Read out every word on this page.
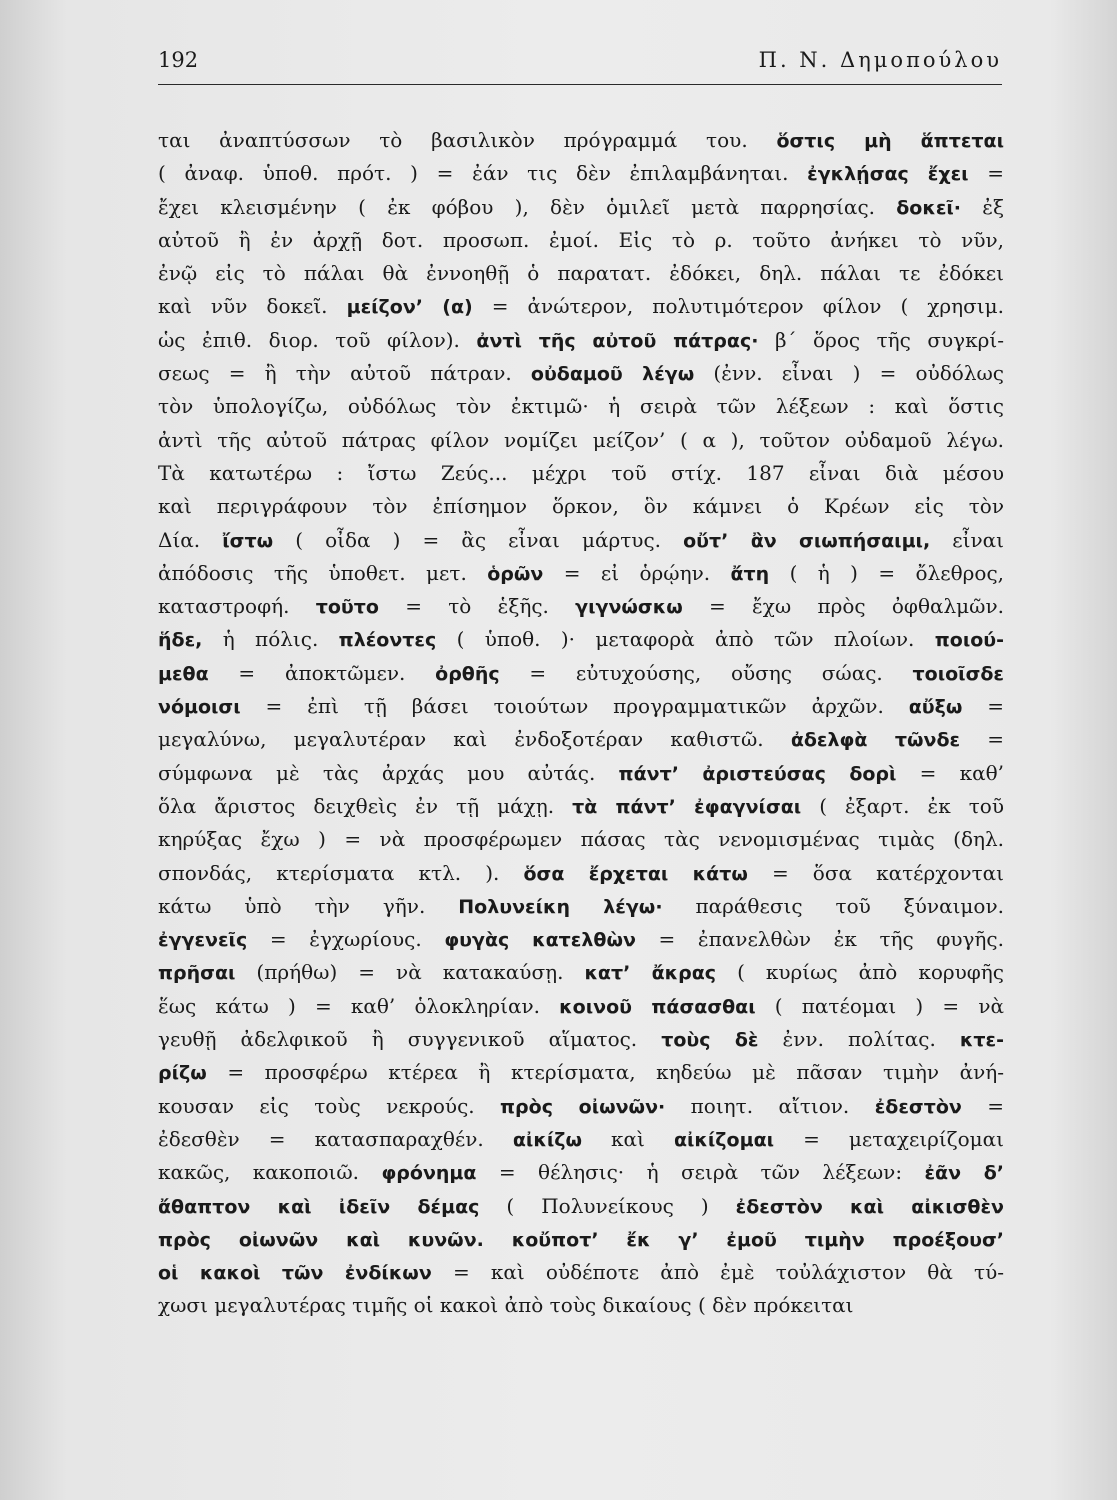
192	Π. Ν. Δημοπούλου
ται ἀναπτύσσων τὸ βασιλικὸν πρόγραμμά του. ὅστις μὴ ἅπτεται
( ἀναφ. ὑποθ. πρότ. ) = ἐάν τις δὲν ἐπιλαμβάνηται. ἐγκλῄσας ἔχει =
ἔχει κλεισμένην ( ἐκ φόβου ), δὲν ὁμιλεῖ μετὰ παρρησίας. δοκεῖ· ἐξ
αὐτοῦ ἢ ἐν ἀρχῇ δοτ. προσωπ. ἐμοί. Εἰς τὸ ρ. τοῦτο ἀνήκει τὸ νῦν,
ἐνῷ εἰς τὸ πάλαι θὰ ἐννοηθῇ ὁ παρατατ. ἐδόκει, δηλ. πάλαι τε ἐδόκει
καὶ νῦν δοκεῖ. μείζον’ (α) = ἀνώτερον, πολυτιμότερον φίλον ( χρησιμ.
ὡς ἐπιθ. διορ. τοῦ φίλον). ἀντὶ τῆς αὐτοῦ πάτρας· β΄ ὅρος τῆς συγκρί-
σεως = ἢ τὴν αὐτοῦ πάτραν. οὐδαμοῦ λέγω (ἐνν. εἶναι ) = οὐδόλως
τὸν ὑπολογίζω, οὐδόλως τὸν ἐκτιμῶ· ἡ σειρὰ τῶν λέξεων : καὶ ὅστις
ἀντὶ τῆς αὐτοῦ πάτρας φίλον νομίζει μείζον’ ( α ), τοῦτον οὐδαμοῦ λέγω.
Τὰ κατωτέρω : ἴστω Ζεύς... μέχρι τοῦ στίχ. 187 εἶναι διὰ μέσου
καὶ περιγράφουν τὸν ἐπίσημον ὅρκον, ὃν κάμνει ὁ Κρέων εἰς τὸν
Δία. ἴστω ( οἶδα ) = ἂς εἶναι μάρτυς. οὔτ’ ἂν σιωπήσαιμι, εἶναι
ἀπόδοσις τῆς ὑποθετ. μετ. ὁρῶν = εἰ ὁρῴην. ἄτη ( ἡ ) = ὄλεθρος,
καταστροφή. τοῦτο = τὸ ἑξῆς. γιγνώσκω = ἔχω πρὸς ὀφθαλμῶν.
ἥδε, ἡ πόλις. πλέοντες ( ὑποθ. )· μεταφορὰ ἀπὸ τῶν πλοίων. ποιού-
μεθα = ἀποκτῶμεν. ὀρθῆς = εὐτυχούσης, οὔσης σώας. τοιοῖσδε
νόμοισι = ἐπὶ τῇ βάσει τοιούτων προγραμματικῶν ἀρχῶν. αὔξω =
μεγαλύνω, μεγαλυτέραν καὶ ἐνδοξοτέραν καθιστῶ. ἀδελφὰ τῶνδε =
σύμφωνα μὲ τὰς ἀρχάς μου αὐτάς. πάντ’ ἀριστεύσας δορὶ = καθ’
ὅλα ἄριστος δειχθεὶς ἐν τῇ μάχῃ. τὰ πάντ’ ἐφαγνίσαι ( ἐξαρτ. ἐκ τοῦ
κηρύξας ἔχω ) = νὰ προσφέρωμεν πάσας τὰς νενομισμένας τιμὰς (δηλ.
σπονδάς, κτερίσματα κτλ. ). ὅσα ἔρχεται κάτω = ὅσα κατέρχονται
κάτω ὑπὸ τὴν γῆν. Πολυνείκη λέγω· παράθεσις τοῦ ξύναιμον.
ἐγγενεῖς = ἐγχωρίους. φυγὰς κατελθὼν = ἐπανελθὼν ἐκ τῆς φυγῆς.
πρῆσαι (πρήθω) = νὰ κατακαύσῃ. κατ’ ἄκρας ( κυρίως ἀπὸ κορυφῆς
ἕως κάτω ) = καθ’ ὁλοκληρίαν. κοινοῦ πάσασθαι ( πατέομαι ) = νὰ
γευθῇ ἀδελφικοῦ ἢ συγγενικοῦ αἵματος. τοὺς δὲ ἐνν. πολίτας. κτε-
ρίζω = προσφέρω κτέρεα ἢ κτερίσματα, κηδεύω μὲ πᾶσαν τιμὴν ἀνή-
κουσαν εἰς τοὺς νεκρούς. πρὸς οἰωνῶν· ποιητ. αἴτιον. ἐδεστὸν =
ἐδεσθὲν = κατασπαραχθέν. αἰκίζω καὶ αἰκίζομαι = μεταχειρίζομαι
κακῶς, κακοποιῶ. φρόνημα = θέλησις· ἡ σειρὰ τῶν λέξεων: ἐᾶν δ’
ἄθαπτον καὶ ἰδεῖν δέμας ( Πολυνείκους ) ἐδεστὸν καὶ αἰκισθὲν
πρὸς οἰωνῶν καὶ κυνῶν. κοὔποτ’ ἔκ γ’ ἐμοῦ τιμὴν προέξουσ’
οἱ κακοὶ τῶν ἐνδίκων = καὶ οὐδέποτε ἀπὸ ἐμὲ τοὐλάχιστον θὰ τύ-
χωσι μεγαλυτέρας τιμῆς οἱ κακοὶ ἀπὸ τοὺς δικαίους ( δὲν πρόκειται
